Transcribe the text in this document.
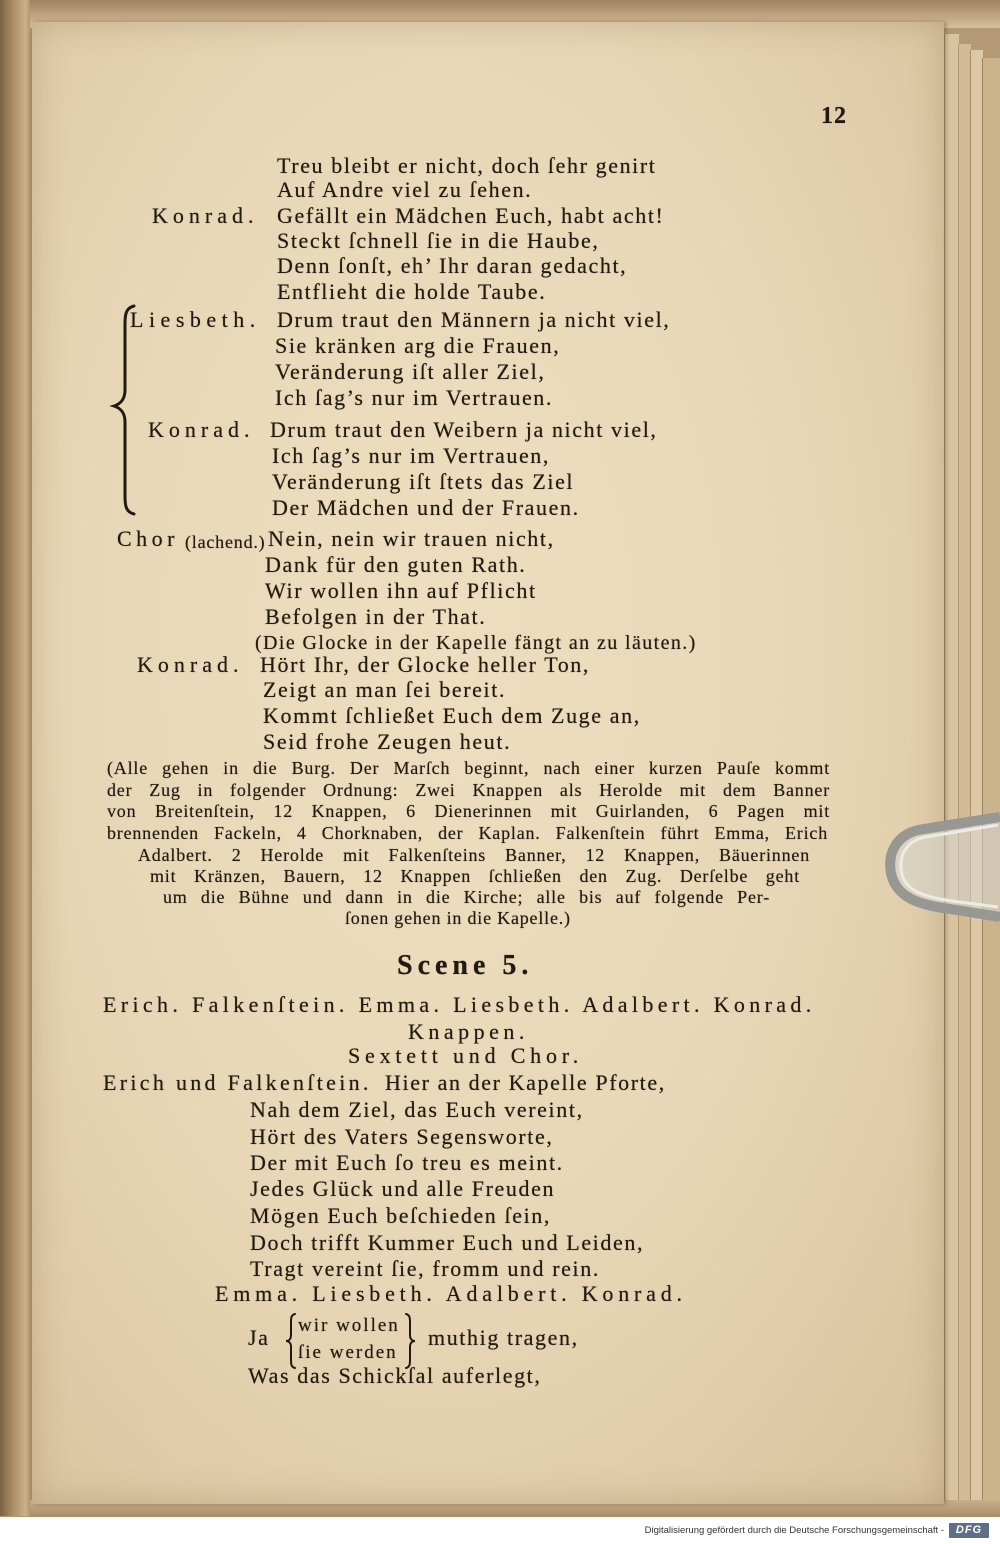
12
Treu bleibt er nicht, doch ſehr genirt
Auf Andre viel zu ſehen.
Konrad. Gefällt ein Mädchen Euch, habt acht!
Steckt ſchnell ſie in die Haube,
Denn ſonſt, eh’ Ihr daran gedacht,
Entflieht die holde Taube.
Liesbeth. Drum traut den Männern ja nicht viel,
Sie kränken arg die Frauen,
Veränderung iſt aller Ziel,
Ich ſag’s nur im Vertrauen.
Konrad. Drum traut den Weibern ja nicht viel,
Ich ſag’s nur im Vertrauen,
Veränderung iſt ſtets das Ziel
Der Mädchen und der Frauen.
Chor (lachend.) Nein, nein wir trauen nicht,
Dank für den guten Rath.
Wir wollen ihn auf Pflicht
Befolgen in der That.
(Die Glocke in der Kapelle fängt an zu läuten.)
Konrad. Hört Ihr, der Glocke heller Ton,
Zeigt an man ſei bereit.
Kommt ſchließet Euch dem Zuge an,
Seid frohe Zeugen heut.
(Alle gehen in die Burg. Der Marſch beginnt, nach einer kurzen Pauſe kommt
der Zug in folgender Ordnung: Zwei Knappen als Herolde mit dem Banner
von Breitenſtein, 12 Knappen, 6 Dienerinnen mit Guirlanden, 6 Pagen mit
brennenden Fackeln, 4 Chorknaben, der Kaplan. Falkenſtein führt Emma, Erich
Adalbert. 2 Herolde mit Falkenſteins Banner, 12 Knappen, Bäuerinnen
mit Kränzen, Bauern, 12 Knappen ſchließen den Zug. Derſelbe geht
um die Bühne und dann in die Kirche; alle bis auf folgende Per-
ſonen gehen in die Kapelle.)
Scene 5.
Erich. Falkenſtein. Emma. Liesbeth. Adalbert. Konrad.
Knappen.
Sextett und Chor.
Erich und Falkenſtein. Hier an der Kapelle Pforte,
Nah dem Ziel, das Euch vereint,
Hört des Vaters Segensworte,
Der mit Euch ſo treu es meint.
Jedes Glück und alle Freuden
Mögen Euch beſchieden ſein,
Doch trifft Kummer Euch und Leiden,
Tragt vereint ſie, fromm und rein.
Emma. Liesbeth. Adalbert. Konrad.
Ja wir wollen
ſie werden
muthig tragen,
Was das Schickſal auferlegt,
Digitalisierung gefördert durch die Deutsche Forschungsgemeinschaft -	DFG
